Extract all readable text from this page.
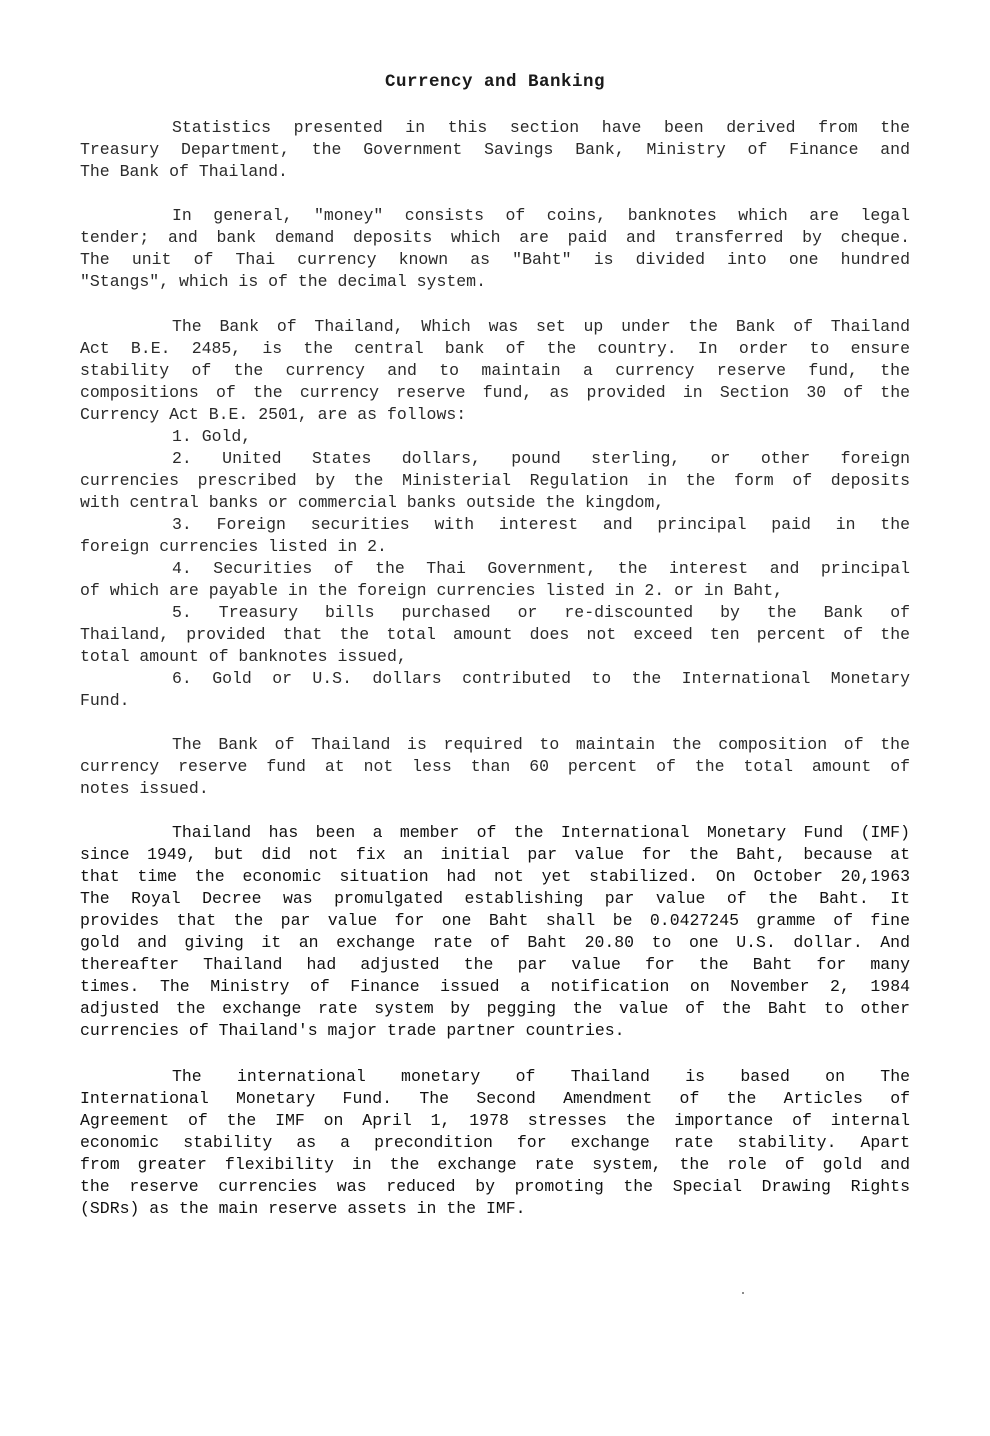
Currency and Banking
Statistics presented in this section have been derived from the
Treasury Department, the Government Savings Bank, Ministry of Finance and
The Bank of Thailand.
In general, "money" consists of coins, banknotes which are legal
tender; and bank demand deposits which are paid and transferred by cheque.
The unit of Thai currency known as "Baht" is divided into one hundred
"Stangs", which is of the decimal system.
The Bank of Thailand, Which was set up under the Bank of Thailand
Act B.E. 2485, is the central bank of the country. In order to ensure
stability of the currency and to maintain a currency reserve fund, the
compositions of the currency reserve fund, as provided in Section 30 of the
Currency Act B.E. 2501, are as follows:
1. Gold,
2. United States dollars, pound sterling, or other foreign
currencies prescribed by the Ministerial Regulation in the form of deposits
with central banks or commercial banks outside the kingdom,
3. Foreign securities with interest and principal paid in the
foreign currencies listed in 2.
4. Securities of the Thai Government, the interest and principal
of which are payable in the foreign currencies listed in 2. or in Baht,
5. Treasury bills purchased or re-discounted by the Bank of
Thailand, provided that the total amount does not exceed ten percent of the
total amount of banknotes issued,
6. Gold or U.S. dollars contributed to the International Monetary
Fund.
The Bank of Thailand is required to maintain the composition of the
currency reserve fund at not less than 60 percent of the total amount of
notes issued.
Thailand has been a member of the International Monetary Fund (IMF)
since 1949, but did not fix an initial par value for the Baht, because at
that time the economic situation had not yet stabilized. On October 20,1963
The Royal Decree was promulgated establishing par value of the Baht. It
provides that the par value for one Baht shall be 0.0427245 gramme of fine
gold and giving it an exchange rate of Baht 20.80 to one U.S. dollar. And
thereafter Thailand had adjusted the par value for the Baht for many
times. The Ministry of Finance issued a notification on November 2, 1984
adjusted the exchange rate system by pegging the value of the Baht to other
currencies of Thailand's major trade partner countries.
The international monetary of Thailand is based on The
International Monetary Fund. The Second Amendment of the Articles of
Agreement of the IMF on April 1, 1978 stresses the importance of internal
economic stability as a precondition for exchange rate stability. Apart
from greater flexibility in the exchange rate system, the role of gold and
the reserve currencies was reduced by promoting the Special Drawing Rights
(SDRs) as the main reserve assets in the IMF.
